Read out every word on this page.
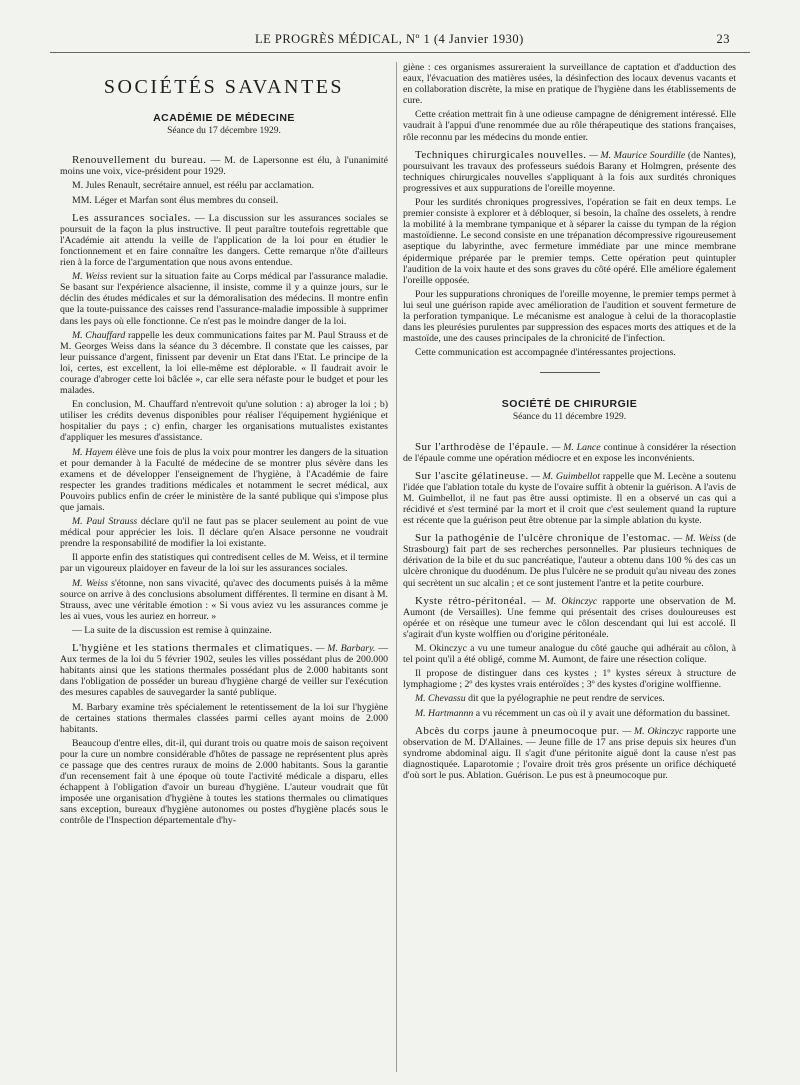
LE PROGRÈS MÉDICAL, Nº 1 (4 Janvier 1930)	23
SOCIÉTÉS SAVANTES
ACADÉMIE DE MÉDECINE
Séance du 17 décembre 1929.

Renouvellement du bureau. — M. de Lapersonne est élu, à l'unanimité moins une voix, vice-président pour 1929.

M. Jules Renault, secrétaire annuel, est réélu par acclamation.

MM. Léger et Marfan sont élus membres du conseil.

Les assurances sociales. — La discussion sur les assurances sociales se poursuit de la façon la plus instructive. Il peut paraître toutefois regrettable que l'Académie ait attendu la veille de l'application de la loi pour en étudier le fonctionnement et en faire connaître les dangers. Cette remarque n'ôte d'ailleurs rien à la force de l'argumentation que nous avons entendue.

M. Weiss revient sur la situation faite au Corps médical par l'assurance maladie. Se basant sur l'expérience alsacienne, il insiste, comme il y a quinze jours, sur le déclin des études médicales et sur la démoralisation des médecins. Il montre enfin que la toute-puissance des caisses rend l'assurance-maladie impossible à supprimer dans les pays où elle fonctionne. Ce n'est pas le moindre danger de la loi.

M. Chauffard rappelle les deux communications faites par M. Paul Strauss et de M. Georges Weiss dans la séance du 3 décembre. Il constate que les caisses, par leur puissance d'argent, finissent par devenir un Etat dans l'Etat. Le principe de la loi, certes, est excellent, la loi elle-même est déplorable. « Il faudrait avoir le courage d'abroger cette loi bâclée », car elle sera néfaste pour le budget et pour les malades.

En conclusion, M. Chauffard n'entrevoit qu'une solution : a) abroger la loi ; b) utiliser les crédits devenus disponibles pour réaliser l'équipement hygiénique et hospitalier du pays ; c) enfin, charger les organisations mutualistes existantes d'appliquer les mesures d'assistance.

M. Hayem élève une fois de plus la voix pour montrer les dangers de la situation et pour demander à la Faculté de médecine de se montrer plus sévère dans les examens et de développer l'enseignement de l'hygiène, à l'Académie de faire respecter les grandes traditions médicales et notamment le secret médical, aux Pouvoirs publics enfin de créer le ministère de la santé publique qui s'impose plus que jamais.

M. Paul Strauss déclare qu'il ne faut pas se placer seulement au point de vue médical pour apprécier les lois. Il déclare qu'en Alsace personne ne voudrait prendre la responsabilité de modifier la loi existante.

Il apporte enfin des statistiques qui contredisent celles de M. Weiss, et il termine par un vigoureux plaidoyer en faveur de la loi sur les assurances sociales.

M. Weiss s'étonne, non sans vivacité, qu'avec des documents puisés à la même source on arrive à des conclusions absolument différentes. Il termine en disant à M. Strauss, avec une véritable émotion : « Si vous aviez vu les assurances comme je les ai vues, vous les auriez en horreur. »

— La suite de la discussion est remise à quinzaine.

L'hygiène et les stations thermales et climatiques. — M. Barbary. — Aux termes de la loi du 5 février 1902, seules les villes possédant plus de 200.000 habitants ainsi que les stations thermales possédant plus de 2.000 habitants sont dans l'obligation de posséder un bureau d'hygiène chargé de veiller sur l'exécution des mesures capables de sauvegarder la santé publique.

M. Barbary examine très spécialement le retentissement de la loi sur l'hygiène de certaines stations thermales classées parmi celles ayant moins de 2.000 habitants.

Beaucoup d'entre elles, dit-il, qui durant trois ou quatre mois de saison reçoivent pour la cure un nombre considérable d'hôtes de passage ne représentent plus après ce passage que des centres ruraux de moins de 2.000 habitants. Sous la garantie d'un recensement fait à une époque où toute l'activité médicale a disparu, elles échappent à l'obligation d'avoir un bureau d'hygiène. L'auteur voudrait que fût imposée une organisation d'hygiène à toutes les stations thermales ou climatiques sans exception, bureaux d'hygiène autonomes ou postes d'hygiène placés sous le contrôle de l'Inspection départementale d'hy-

giène : ces organismes assureraient la surveillance de captation et d'adduction des eaux, l'évacuation des matières usées, la désinfection des locaux devenus vacants et en collaboration discrète, la mise en pratique de l'hygiène dans les établissements de cure.

Cette création mettrait fin à une odieuse campagne de dénigrement intéressé. Elle vaudrait à l'appui d'une renommée due au rôle thérapeutique des stations françaises, rôle reconnu par les médecins du monde entier.

Techniques chirurgicales nouvelles. — M. Maurice Sourdille (de Nantes), poursuivant les travaux des professeurs suédois Barany et Holmgren, présente des techniques chirurgicales nouvelles s'appliquant à la fois aux surdités chroniques progressives et aux suppurations de l'oreille moyenne.

Pour les surdités chroniques progressives, l'opération se fait en deux temps. Le premier consiste à explorer et à débloquer, si besoin, la chaîne des osselets, à rendre la mobilité à la membrane tympanique et à séparer la caisse du tympan de la région mastoïdienne. Le second consiste en une trépanation décompressive rigoureusement aseptique du labyrinthe, avec fermeture immédiate par une mince membrane épidermique préparée par le premier temps. Cette opération peut quintupler l'audition de la voix haute et des sons graves du côté opéré. Elle améliore également l'oreille opposée.

Pour les suppurations chroniques de l'oreille moyenne, le premier temps permet à lui seul une guérison rapide avec amélioration de l'audition et souvent fermeture de la perforation tympanique. Le mécanisme est analogue à celui de la thoracoplastie dans les pleurésies purulentes par suppression des espaces morts des attiques et de la mastoïde, une des causes principales de la chronicité de l'infection.

Cette communication est accompagnée d'intéressantes projections.

SOCIÉTÉ DE CHIRURGIE
Séance du 11 décembre 1929.

Sur l'arthrodèse de l'épaule. — M. Lance continue à considérer la résection de l'épaule comme une opération médiocre et en expose les inconvénients.

Sur l'ascite gélatineuse. — M. Guimbellot rappelle que M. Lecène a soutenu l'idée que l'ablation totale du kyste de l'ovaire suffit à obtenir la guérison. A l'avis de M. Guimbellot, il ne faut pas être aussi optimiste. Il en a observé un cas qui a récidivé et s'est terminé par la mort et il croit que c'est seulement quand la rupture est récente que la guérison peut être obtenue par la simple ablation du kyste.

Sur la pathogénie de l'ulcère chronique de l'estomac. — M. Weiss (de Strasbourg) fait part de ses recherches personnelles. Par plusieurs techniques de dérivation de la bile et du suc pancréatique, l'auteur a obtenu dans 100 % des cas un ulcère chronique du duodénum. De plus l'ulcère ne se produit qu'au niveau des zones qui secrètent un suc alcalin ; et ce sont justement l'antre et la petite courbure.

Kyste rétro-péritonéal. — M. Okinczyc rapporte une observation de M. Aumont (de Versailles). Une femme qui présentait des crises douloureuses est opérée et on résèque une tumeur avec le côlon descendant qui lui est accolé. Il s'agirait d'un kyste wolffien ou d'origine péritonéale.

M. Okinczyc a vu une tumeur analogue du côté gauche qui adhérait au côlon, à tel point qu'il a été obligé, comme M. Aumont, de faire une résection colique.

Il propose de distinguer dans ces kystes ; 1º kystes séreux à structure de lymphagiome ; 2º des kystes vrais entéroïdes ; 3º des kystes d'origine wolffienne.

M. Chevassu dit que la pyélographie ne peut rendre de services.

M. Hartmannn a vu récemment un cas où il y avait une déformation du bassinet.

Abcès du corps jaune à pneumocoque pur. — M. Okinczyc rapporte une observation de M. D'Allaines. — Jeune fille de 17 ans prise depuis six heures d'un syndrome abdominal aigu. Il s'agit d'une péritonite aiguë dont la cause n'est pas diagnostiquée. Laparotomie ; l'ovaire droit très gros présente un orifice déchiqueté d'où sort le pus. Ablation. Guérison. Le pus est à pneumocoque pur.
